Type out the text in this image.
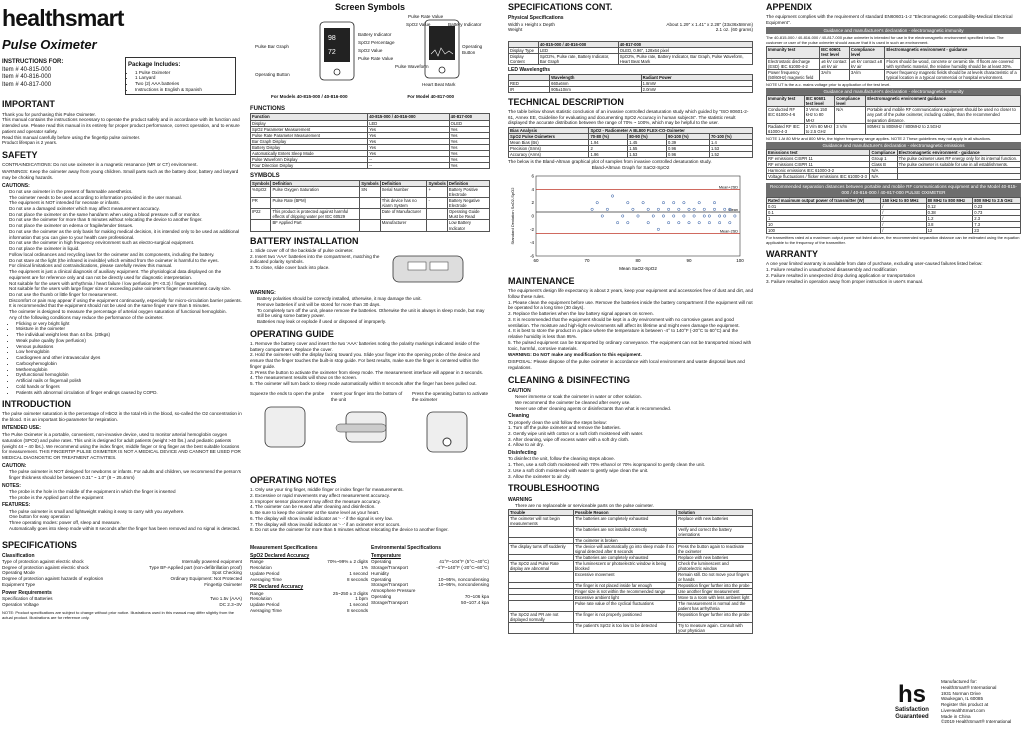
healthsmart
Pulse Oximeter
INSTRUCTIONS FOR:
Item # 40-815-000
Item # 40-816-000
Item # 40-817-000
Package Includes:
• 1 Pulse Oximeter
• 1 Lanyard
• Two (2) AAA batteries
• Instructions in English & Spanish
IMPORTANT
Thank you for purchasing this Pulse Oximeter.
This manual contains the instructions necessary to operate the product safely and in accordance with its function and intended use. Please read this manual in its entirety for proper product performance, correct operation, and to ensure patient and operator safety.
Read this manual carefully before using the fingertip pulse oximeter.
Product lifespan is 2 years.
SAFETY
CONTRAINDICATIONS: Do not use oximeter in a magnetic resonance (MR or CT) environment.
WARNINGS: Keep the oximeter away from young children. Small parts such as the battery door, battery and lanyard may be choking hazards.
CAUTIONS:
• Do not use oximeter in the present of flammable anesthetics.
• The oximeter needs to be used according to information provided in the user manual.
• The equipment is NOT intended for neonate or infants.
• Do not use a damaged oximeter which may affect measurement accuracy.
• Do not place the oximeter on the same hand/arm when using a blood pressure cuff or monitor.
• Do not use the oximeter for more than 5 minutes without relocating the device to another finger.
• Do not place the oximeter on edema or fragile/tender tissues.
• Do not use the oximeter as the only basis for making medical decision, it is intended only to be used as additional information that you can give to your health care professional.
• Do not use the oximeter in high frequency environment such as electro-surgical equipment.
• Do not place the oximeter in liquid.
• Follow local ordinances and recycling laws for the oximeter and its components, including the battery.
• Do not stare at the light (the infrared is invisible) which emitted from the oximeter is harmful to the eyes.
• For clinical limitations and contraindications, please carefully review this manual.
• The equipment is just a clinical diagnosis of auxiliary equipment. The physiological data displayed on the equipment are for reference only and can not be directly used for diagnostic interpretation.
• Not suitable for the users with arrhythmia / heart failure / low perfusion (PI <0.3) / finger trembling.
• Not suitable for the users with large finger size or exceeding pulse oximeter's finger measurement cavity size.
• Do not use the thumb or little finger for measurement.
• Discomfort or pain may appear if using the equipment continuously, especially for micro-circulation barrier patients. It is recommended that the equipment should not be used on the same finger more than 5 minutes.
• The oximeter is designed to measure the percentage of arterial oxygen saturation of functional hemoglobin.
• Any of the following conditions may reduce the performance of the oximeter.
• Flicking or very bright light
• Moisture in the oximeter
• The individual weight less than 44 lbs. (20kgs)
• Weak pulse quality (low perfusion)
• Venous pulsations
• Low hemoglobin
• Cardiogreen and other intravascular dyes
• Carboxyhemoglobin
• Methemoglobin
• Dysfunctional hemoglobin
• Artificial nails or fingernail polish
• Cold hands or fingers
• Patients with abnormal circulation of finger endings caused by COPD.
INTRODUCTION
The pulse oximeter saturation is the percentage of HbO2 in the total Hb in the blood, so-called the O2 concentration in the blood. It is an important bio-parameter for respiration.
INTENDED USE:
The Pulse Oximeter is a portable, convenient, non-invasive device, used to monitor arterial hemoglobin oxygen saturation (SPO2) and pulse rates. This unit is designed for adult patients (weight >40 lbs.) and pediatric patients (weight 44 ~ 40 lbs.). We recommend using the index finger, middle finger or ring finger as the best suitable locations for measurement. THIS FINGERTIP PULSE OXIMETER IS NOT A MEDICAL DEVICE AND CANNOT BE USED FOR MEDICAL DIAGNOSTIC OR TREATMENT ACTIVITIES.
CAUTION:
• The pulse oximeter is NOT designed for newborns or infants. For adults and children, we recommend the person's finger thickness should be between 0.31" ~ 1.0" (8 ~ 25.4mm)
NOTES:
• The probe is the hole in the middle of the equipment in which the finger is inserted
• The probe is the Applied part of the equipment
FEATURES:
• The pulse oximeter is small and lightweight making it easy to carry with you anywhere.
• One button for easy operation
• Three operating modes: power off, sleep and measure.
• Automatically goes into sleep mode within 8 seconds after the finger has been removed and no signal is detected.
SPECIFICATIONS
Classification
Type of protection against electric shock	Internally powered equipment
Degree of protection against electric shock	Type BF-Applied part (non-defibrillation proof)
Operating Mode	Spot Checking
Degree of protection against hazards of explosion	Ordinary Equipment: Not Protected
Equipment Type	Fingertip Oximeter
Power Requirements
Specification of Batteries	Two 1.5v (AAA)
Operation Voltage	DC 2.3~3V
NOTE: Product specifications are subject to change without prior notice. Illustrations used in this manual may differ slightly from the actual product. Illustrations are for reference only.
Screen Symbols
98
72
Pulse Bar Graph
Operating Button
Battery Indicator
SpO2 Percentage
SpO2 Value
Pulse Rate Value
Pulse Rate Value
SpO2 Value	Battery Indicator
Operating Button
Pulse Waveform
Heart Beat Mark
For Models 40-815-000 / 40-816-000	For Model 40-817-000
FUNCTIONS
Function	40-815-000 / 40-816-000	40-817-000
Display	LED	OLED
SpO2 Parameter Measurement	Yes	Yes
Pulse Rate Parameter Measurement	Yes	Yes
Bar Graph Display	Yes	Yes
Battery Display	Yes	Yes
Automatically Enters Sleep Mode	Yes	Yes
Pulse Waveform Display	--	Yes
Four Direction Display	--	Yes
SYMBOLS
Symbols	Definition	Symbols	Definition	Symbols	Definition
%SpO2	Pulse Oxygen Saturation	SN	Serial Number	+	Battery Positive Electrode
PR	Pulse Rate (BPM)		This device has no Alarm System	-	Battery Negative Electrode
IP22	This product is protected against harmful effects of dripping water per IEC 60529		Date of Manufacturer		Operating Guide Must be Read
	BF Applied Part		Manufacturer		Low Battery Indicator
BATTERY INSTALLATION
1. Slide cover off of the backside of pulse oximeter.
2. Insert two 'AAA' batteries into the compartment, matching the indicated polarity symbols.
3. To close, slide cover back into place.
WARNING:
• Battery polarities should be correctly installed, otherwise, it may damage the unit.
• Remove batteries if unit will be stored for more than 30 days.
• To completely turn off the unit, please remove the batteries. Otherwise the unit is always in sleep mode, but may still be using some battery power.
• Batteries may leak or explode if used or disposed of improperly.
OPERATING GUIDE
1. Remove the battery cover and insert the two 'AAA' batteries noting the polarity markings indicated inside of the battery compartment. Replace the cover.
2. Hold the oximeter with the display facing toward you. Slide your finger into the opening probe of the device and ensure that the finger touches the built-in stop guide. For best results, make sure the finger is centered within the finger guide.
3. Press the button to activate the oximeter from sleep mode. The measurement interface will appear in 3 seconds.
4. The measurement results will show on the screen.
5. The oximeter will turn back to sleep mode automatically within 8 seconds after the finger has been pulled out.
Squeeze the ends to open the probe	Insert your finger into the bottom of the unit
Press the operating button to activate the oximeter
OPERATING NOTES
1. Only use your ring finger, middle finger or index finger for measurements.
2. Excessive or rapid movements may affect measurement accuracy.
3. Improper sensor placement may affect the measure accuracy.
4. The oximeter can be reused after cleaning and disinfection.
5. Be sure to keep the oximeter at the same level as your heart.
6. The display will show invalid indicator as '- -' if the signal is very low.
7. The display will show invalid indicator as '- -' if an oximeter error occurs.
8. Do not use the oximeter for more than 5 minutes without relocating the device to another finger.
Measurement Specifications
SpO2 Declared Accuracy
Range	70%~99% ± 2 digits
Resolution	1%
Update Period	1 second
Averaging Time	8 seconds
PR Declared Accuracy
Range	25~250 ± 3 digits
Resolution	1 bpm
Update Period	1 second
Averaging Time	8 seconds
Environmental Specifications
Temperature
Operating	41°F~104°F (5°C~40°C)
Storage/Transport	-4°F~140°F (-20°C~60°C)
Humidity
Operating	10~95%, noncondensing
Storage/Transport	10~95%, noncondensing
Atmosphere Pressure
Operating	70~106 kpa
Storage/Transport	50~107.4 kpa
SPECIFICATIONS CONT.
Physical Specifications
Width x Height x Depth	About 1.29" x 1.41" x 2.28" (33x36x58mm)
Weight	2.1 oz. (60 grams)

	40-815-000 / 40-816-000	40-817-000
Display Type	LED	OLED, 0.96", 128x64 pixel
Display Content	SpO2%, Pulse rate, Battery Indicator, Bar Graph	SpO2%, Pulse rate, Battery Indicator, Bar Graph, Pulse Waveform, Heart Beat Mark
LED Wavelengths
	Wavelength	Radiant Power
RED	660±6nm	1.8mW
IR	905±10nm	2.0mW
TECHNICAL DESCRIPTION
The table below shows statistic conclusion of an invasive controlled desaturation study which guided by "ISO 80601-2-61, Annex EE, Guideline for evaluating and documenting SpO2 Accuracy in human subjects". The statistic result displayed the accurate distribution between the range of 70% ~ 100%, which may be helpful to the user.
Bias Analysis	SpO2 - Radiometer A BL800 FLEX-CO-Oximeter			
SpO2 Pulse Oximeters	70-80 (%)	80-90 (%)	90-100 (%)	70-100 (%)
Mean Bias (Bs)	1.94	1.45	0.39	1.4
Precision (Srms)	2	1.55	0.96	1.53
Accuracy (Arms)	1.96	1.53	0.96	1.52
The below is the Bland-Altman graphical plot of samples from invasive controlled desaturation study.
Bland-Altman Graph for SaO2-SpO2
60	70	80	90	100
-6
-4
-2
0
2
4
6
Mean+2SD
Mean
Mean-2SD
Mean SaO2-SpO2
Standard Deviation SaO2-SpO2
MAINTENANCE
The equipment's design life expectancy is about 2 years, keep your equipment and accessories free of dust and dirt, and follow these rules.
1. Please clean the equipment before use. Remove the batteries inside the battery compartment if the equipment will not be operated for a long time (30 days).
2. Replace the batteries when the low battery signal appears on screen.
3. It is recommended that the equipment should be kept in a dry environment with no corrosive gases and good ventilation. The moisture and high-light environments will affect its lifetime and might even damage the equipment.
4. It is best to store the product in a place where the temperature is between -4° to 140°F (-20°C to 60°C) and the relative humidity is less than 95%.
5. The pulsed equipment can be transported by ordinary conveyance. The equipment can not be transported mixed with toxic, harmful, corrosive materials.
WARNING: Do NOT make any modification to this equipment.
DISPOSAL: Please dispose of the pulse oximeter in accordance with local environment and waste disposal laws and regulations.
CLEANING & DISINFECTING
CAUTION
• Never immerse or soak the oximeter in water or other solution.
• We recommend the oximeter be cleaned after every use.
• Never use other cleaning agents or disinfectants than what is recommended.
Cleaning
To properly clean the unit follow the steps below:
1. Turn off the pulse oximeter and remove the batteries.
2. Gently wipe unit with cotton or a soft cloth moistened with water.
3. After cleaning, wipe off excess water with a soft dry cloth.
4. Allow to air dry.
Disinfecting
To disinfect the unit, follow the cleaning steps above.
1. Then, use a soft cloth moistened with 70% ethanol or 70% isopropanol to gently clean the unit.
2. Use a soft cloth moistened with water to gently wipe clean the unit.
3. Allow the oximeter to air dry.
TROUBLESHOOTING
WARNING
• There are no replaceable or serviceable parts on the pulse oximeter.
Trouble	Possible Reason	Solution
The oximeter will not begin measurements	The batteries are completely exhausted	Replace with new batteries
	The batteries are not installed correctly	Verify and correct the battery orientations
	The oximeter is broken	
The display turns off suddenly	The device will automatically go into sleep mode if no signal detected after 8 seconds	Press the button again to reactivate the oximeter
	The batteries are completely exhausted	Replace with new batteries
The SpO2 and Pulse Rate display are abnormal	The luminescent or photoelectric window is being blocked	Check the luminescent and photoelectric window
	Excessive movement	Remain still. Do not move your fingers or hands
	The finger is not placed inside far enough	Reposition finger further into the probe
	Finger size is not within the recommended range	Use another finger measurement
	Excessive ambient light	Move to a room with less ambient light
	Pulse rate value of the cyclical fluctuations	The measurement is normal and the patient has arrhythmia
The SpO2 and PR are not displayed normally	The finger is not properly positioned	Reposition finger further into the probe
	The patient's SpO2 is too low to be detected	Try to measure again. Consult with your physician
APPENDIX
The equipment complies with the requirement of standard EN60601-1-2 "Electromagnetic Compatibility-Medical Electrical Equipment".
Guidance and manufacturer's declaration - electromagnetic immunity
The 40-815-000 / 40-816-000 / 40-817-000 pulse oximeter is intended for use in the electromagnetic environment specified below. The customer or user of the pulse oximeter should assure that it is used in such an environment.
Immunity test	IEC 60601 test level	Compliance level	Electromagnetic environment - guidance
Electrostatic discharge (ESD) IEC 61000-4-2	±6 kV contact ±8 kV air	±6 kV contact ±8 kV air	Floors should be wood, concrete or ceramic tile. If floors are covered with synthetic material, the relative humidity should be at least 30%.
Power frequency (50/60Hz) magnetic field	3A/m	3A/m	Power frequency magnetic fields should be at levels characteristic of a typical location in a typical commercial or hospital environment.
NOTE UT is the a.c. mains voltage prior to application of the test level.
Guidance and manufacturer's declaration - electromagnetic immunity
Immunity test	IEC 60601 test level	Compliance level	Electromagnetic environment guidance
Conducted RF IEC 61000-4-6	3 Vrms 150 kHz to 80 MHz	N/A	Portable and mobile RF communications equipment should be used no closer to any part of the pulse oximeter, including cables, than the recommended separation distance.
Radiated RF IEC 61000-4-3	3 V/m 80 MHz to 2.5 GHz	3 V/m	80MHz to 800MHz / 800MHz to 2.5GHz
NOTE 1 At 80 MHz and 800 MHz, the higher frequency range applies. NOTE 2 These guidelines may not apply in all situations.
Guidance and manufacturer's declaration - electromagnetic emissions
Emissions test	Compliance	Electromagnetic environment - guidance
RF emissions CISPR 11	Group 1	The pulse oximeter uses RF energy only for its internal function.
RF emissions CISPR 11	Class B	The pulse oximeter is suitable for use in all establishments.
Harmonic emissions IEC 61000-3-2	N/A	
Voltage fluctuations / flicker emissions IEC 61000-3-3	N/A	
Recommended separation distances between portable and mobile RF communications equipment and the Model 40-815-000 / 40-816-000 / 40-817-000 PULSE OXIMETER
Rated maximum output power of transmitter (W)	150 kHz to 80 MHz	80 MHz to 800 MHz	800 MHz to 2.5 GHz
0.01	/	0.12	0.23
0.1	/	0.38	0.73
1	/	1.2	2.3
10	/	3.8	7.3
100	/	12	23
For transmitters rated at a maximum output power not listed above, the recommended separation distance can be estimated using the equation applicable to the frequency of the transmitter.
WARRANTY
A one year limited warranty is available from date of purchase, excluding user-caused failures listed below:
1. Failure resulted in unauthorized disassembly and modification
2. Failure resulted in unexpected drop during application or transportation
3. Failure resulted in operation away from proper instruction in user's manual.
hs
Satisfaction Guaranteed
Manufactured for:
HealthSmart® International
1931 Norman Drive
Waukegan, IL 60085
Register this product at LiveHealthSmart.com
Made in China
©2019 HealthSmart® International
